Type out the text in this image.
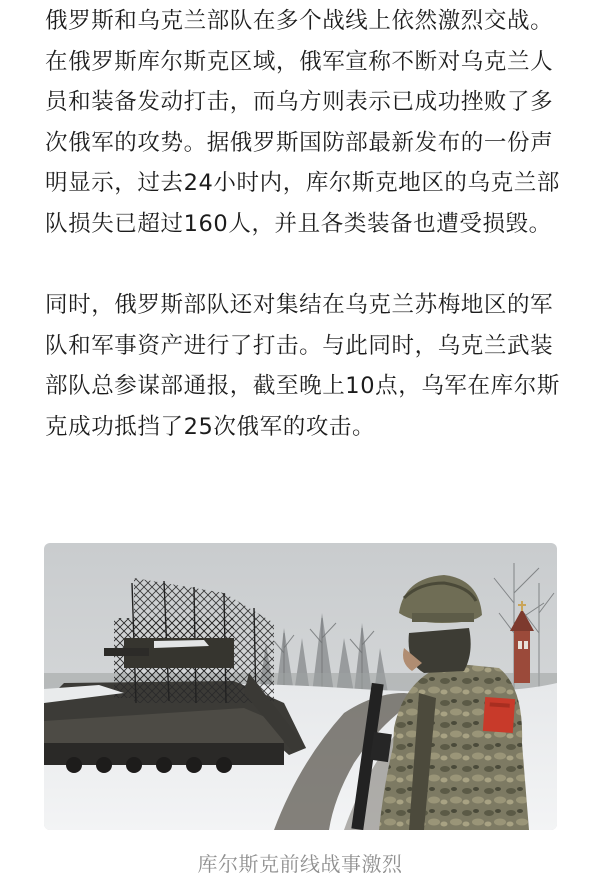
俄罗斯和乌克兰部队在多个战线上依然激烈交战。在俄罗斯库尔斯克区域，俄军宣称不断对乌克兰人员和装备发动打击，而乌方则表示已成功挫败了多次俄军的攻势。据俄罗斯国防部最新发布的一份声明显示，过去24小时内，库尔斯克地区的乌克兰部队损失已超过160人，并且各类装备也遭受损毁。

同时，俄罗斯部队还对集结在乌克兰苏梅地区的军队和军事资产进行了打击。与此同时，乌克兰武装部队总参谋部通报，截至晚上10点，乌军在库尔斯克成功抵挡了25次俄军的攻击。

库尔斯克前线战事激烈
